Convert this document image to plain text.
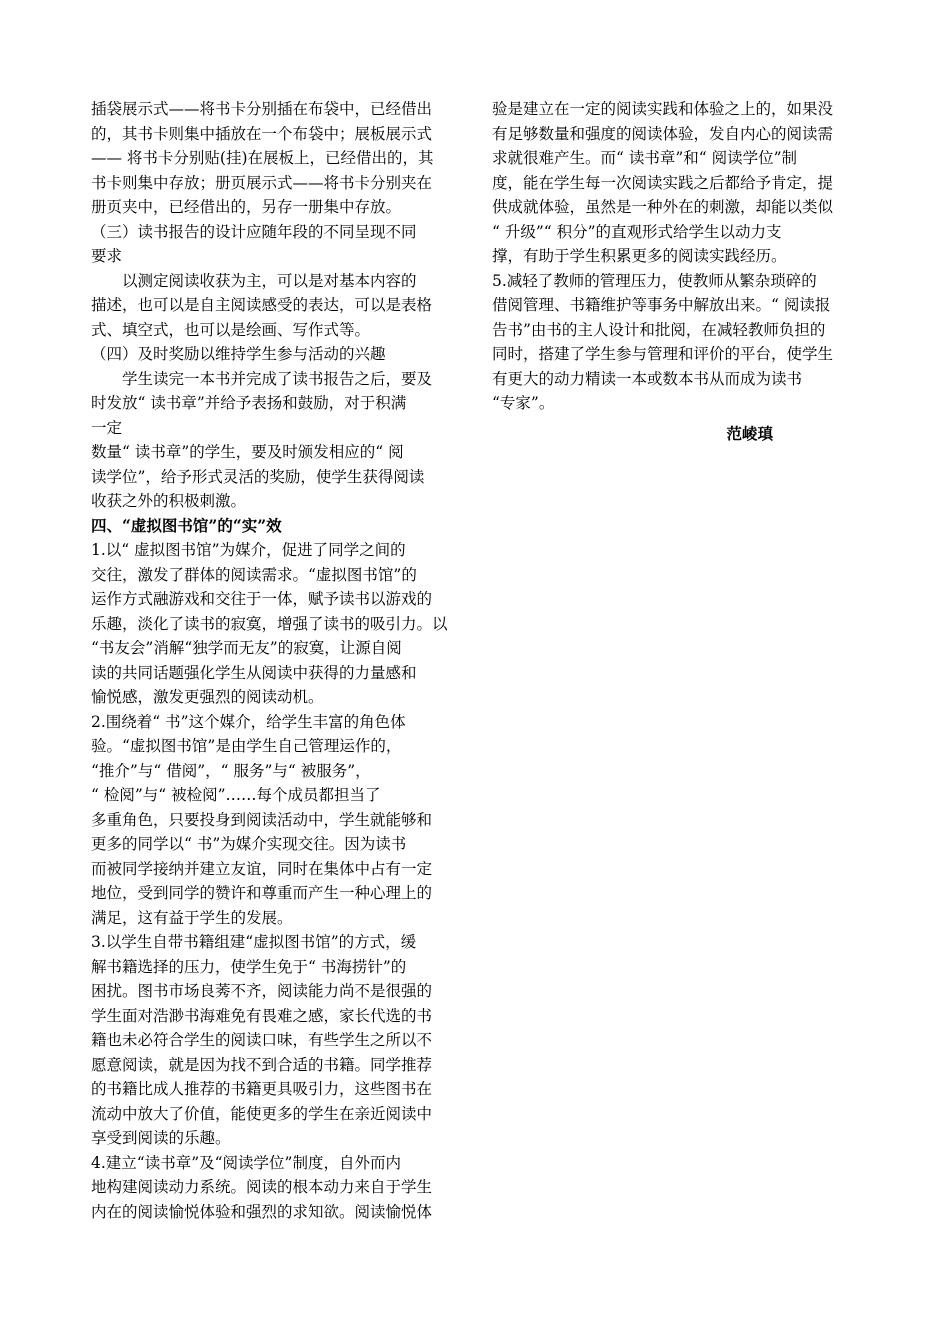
插袋展示式——将书卡分别插在布袋中，已经借出
的，其书卡则集中插放在一个布袋中；展板展示式
—— 将书卡分别贴(挂)在展板上，已经借出的，其
书卡则集中存放；册页展示式——将书卡分别夹在
册页夹中，已经借出的，另存一册集中存放。
（三）读书报告的设计应随年段的不同呈现不同
要求
　　以测定阅读收获为主，可以是对基本内容的
描述，也可以是自主阅读感受的表达，可以是表格
式、填空式，也可以是绘画、写作式等。
（四）及时奖励以维持学生参与活动的兴趣
　　学生读完一本书并完成了读书报告之后，要及
时发放“ 读书章”并给予表扬和鼓励，对于积满
一定
数量“ 读书章”的学生，要及时颁发相应的“ 阅
读学位”，给予形式灵活的奖励，使学生获得阅读
收获之外的积极刺激。
四、“虚拟图书馆”的“实”效
1.以“ 虚拟图书馆”为媒介，促进了同学之间的
交往，激发了群体的阅读需求。“虚拟图书馆”的
运作方式融游戏和交往于一体，赋予读书以游戏的
乐趣，淡化了读书的寂寞，增强了读书的吸引力。以
“书友会”消解“独学而无友”的寂寞，让源自阅
读的共同话题强化学生从阅读中获得的力量感和
愉悦感，激发更强烈的阅读动机。
2.围绕着“ 书”这个媒介，给学生丰富的角色体
验。“虚拟图书馆”是由学生自己管理运作的，
“推介”与“ 借阅”，“ 服务”与“ 被服务”，
“ 检阅”与“ 被检阅”……每个成员都担当了
多重角色，只要投身到阅读活动中，学生就能够和
更多的同学以“ 书”为媒介实现交往。因为读书
而被同学接纳并建立友谊，同时在集体中占有一定
地位，受到同学的赞许和尊重而产生一种心理上的
满足，这有益于学生的发展。
3.以学生自带书籍组建“虚拟图书馆”的方式，缓
解书籍选择的压力，使学生免于“ 书海捞针”的
困扰。图书市场良莠不齐，阅读能力尚不是很强的
学生面对浩渺书海难免有畏难之感，家长代选的书
籍也未必符合学生的阅读口味，有些学生之所以不
愿意阅读，就是因为找不到合适的书籍。同学推荐
的书籍比成人推荐的书籍更具吸引力，这些图书在
流动中放大了价值，能使更多的学生在亲近阅读中
享受到阅读的乐趣。
4.建立“读书章”及“阅读学位”制度，自外而内
地构建阅读动力系统。阅读的根本动力来自于学生
内在的阅读愉悦体验和强烈的求知欲。阅读愉悦体
验是建立在一定的阅读实践和体验之上的，如果没
有足够数量和强度的阅读体验，发自内心的阅读需
求就很难产生。而“ 读书章”和“ 阅读学位”制
度，能在学生每一次阅读实践之后都给予肯定，提
供成就体验，虽然是一种外在的刺激，却能以类似
“ 升级”“ 积分”的直观形式给学生以动力支
撑，有助于学生积累更多的阅读实践经历。
5.减轻了教师的管理压力，使教师从繁杂琐碎的
借阅管理、书籍维护等事务中解放出来。“ 阅读报
告书”由书的主人设计和批阅，在减轻教师负担的
同时，搭建了学生参与管理和评价的平台，使学生
有更大的动力精读一本或数本书从而成为读书
“专家”。
范崚瑱
